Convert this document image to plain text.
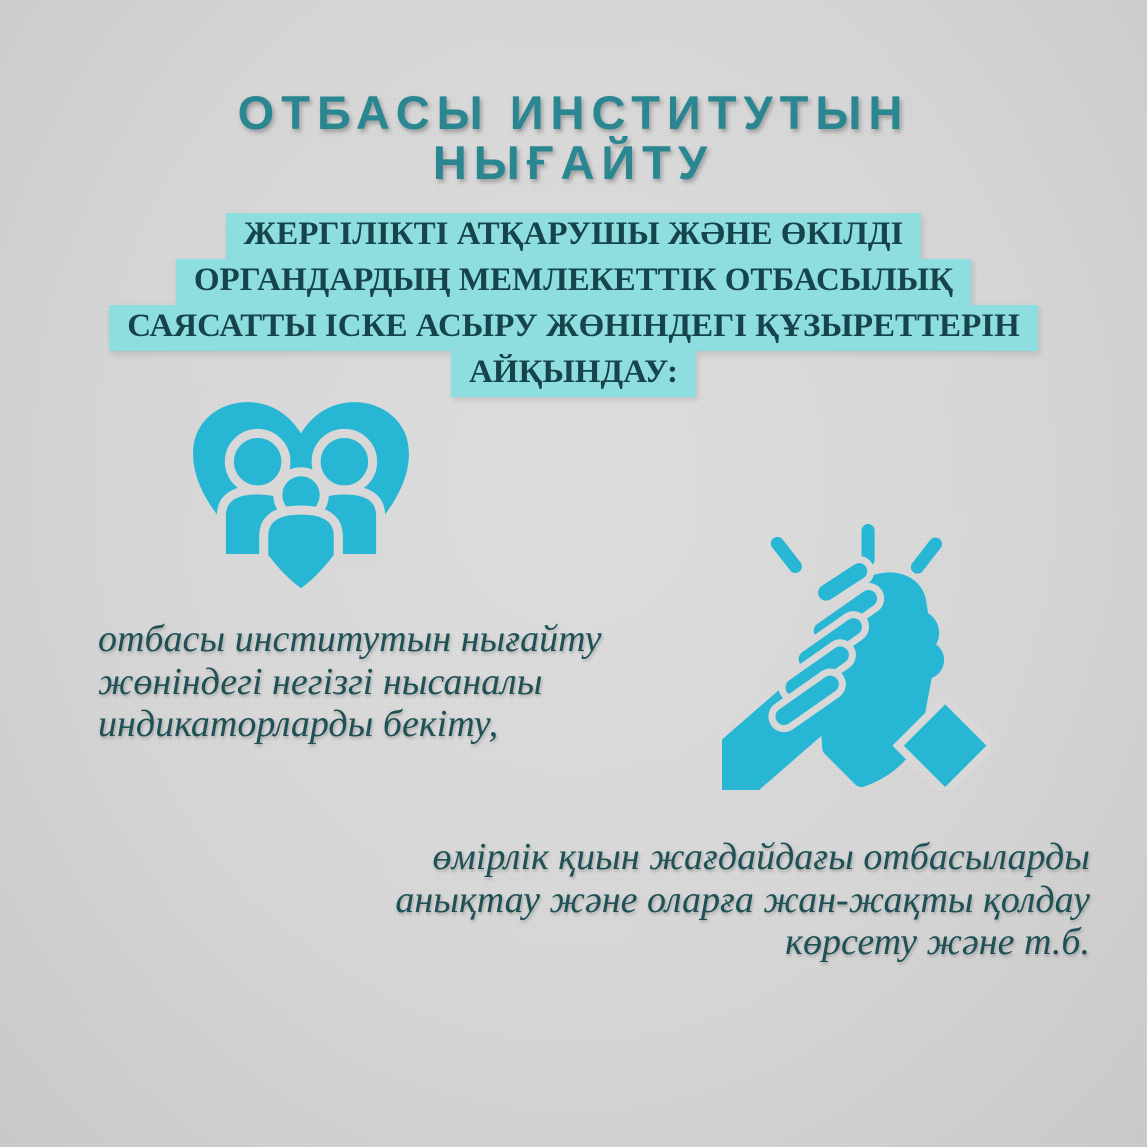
ОТБАСЫ ИНСТИТУТЫН
НЫҒАЙТУ
ЖЕРГІЛІКТІ АТҚАРУШЫ ЖӘНЕ ӨКІЛДІ
ОРГАНДАРДЫҢ МЕМЛЕКЕТТІК ОТБАСЫЛЫҚ
САЯСАТТЫ ІСКЕ АСЫРУ ЖӨНІНДЕГІ ҚҰЗЫРЕТТЕРІН
АЙҚЫНДАУ:
отбасы институтын нығайту
жөніндегі негізгі нысаналы
индикаторларды бекіту,
өмірлік қиын жағдайдағы отбасыларды
анықтау және оларға жан-жақты қолдау
көрсету және т.б.
